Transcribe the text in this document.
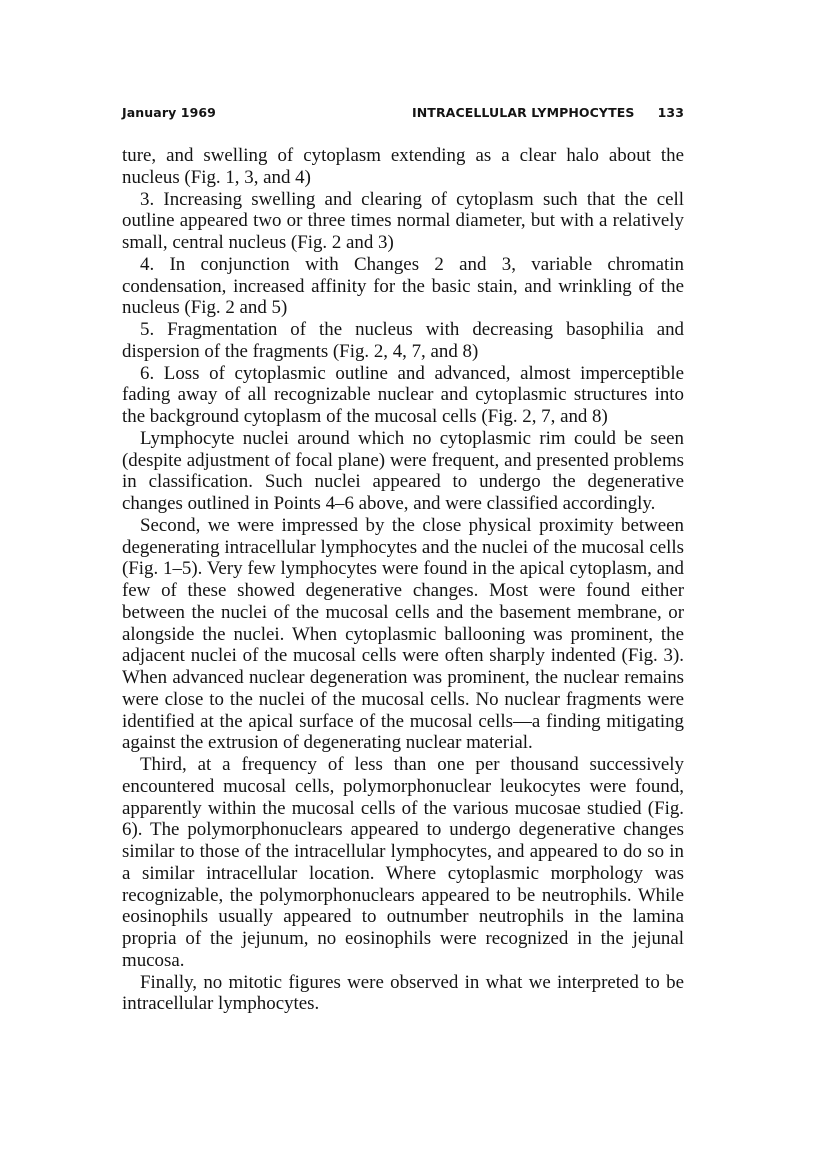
January 1969	INTRACELLULAR LYMPHOCYTES 133

ture, and swelling of cytoplasm extending as a clear halo about the nucleus (Fig. 1, 3, and 4)

3. Increasing swelling and clearing of cytoplasm such that the cell outline appeared two or three times normal diameter, but with a relatively small, central nucleus (Fig. 2 and 3)

4. In conjunction with Changes 2 and 3, variable chromatin condensation, increased affinity for the basic stain, and wrinkling of the nucleus (Fig. 2 and 5)

5. Fragmentation of the nucleus with decreasing basophilia and dispersion of the fragments (Fig. 2, 4, 7, and 8)

6. Loss of cytoplasmic outline and advanced, almost imperceptible fading away of all recognizable nuclear and cytoplasmic structures into the background cytoplasm of the mucosal cells (Fig. 2, 7, and 8)

Lymphocyte nuclei around which no cytoplasmic rim could be seen (despite adjustment of focal plane) were frequent, and presented problems in classification. Such nuclei appeared to undergo the degenerative changes outlined in Points 4–6 above, and were classified accordingly.

Second, we were impressed by the close physical proximity between degenerating intracellular lymphocytes and the nuclei of the mucosal cells (Fig. 1–5). Very few lymphocytes were found in the apical cytoplasm, and few of these showed degenerative changes. Most were found either between the nuclei of the mucosal cells and the basement membrane, or alongside the nuclei. When cytoplasmic ballooning was prominent, the adjacent nuclei of the mucosal cells were often sharply indented (Fig. 3). When advanced nuclear degeneration was prominent, the nuclear remains were close to the nuclei of the mucosal cells. No nuclear fragments were identified at the apical surface of the mucosal cells—a finding mitigating against the extrusion of degenerating nuclear material.

Third, at a frequency of less than one per thousand successively encountered mucosal cells, polymorphonuclear leukocytes were found, apparently within the mucosal cells of the various mucosae studied (Fig. 6). The polymorphonuclears appeared to undergo degenerative changes similar to those of the intracellular lymphocytes, and appeared to do so in a similar intracellular location. Where cytoplasmic morphology was recognizable, the polymorphonuclears appeared to be neutrophils. While eosinophils usually appeared to outnumber neutrophils in the lamina propria of the jejunum, no eosinophils were recognized in the jejunal mucosa.

Finally, no mitotic figures were observed in what we interpreted to be intracellular lymphocytes.
